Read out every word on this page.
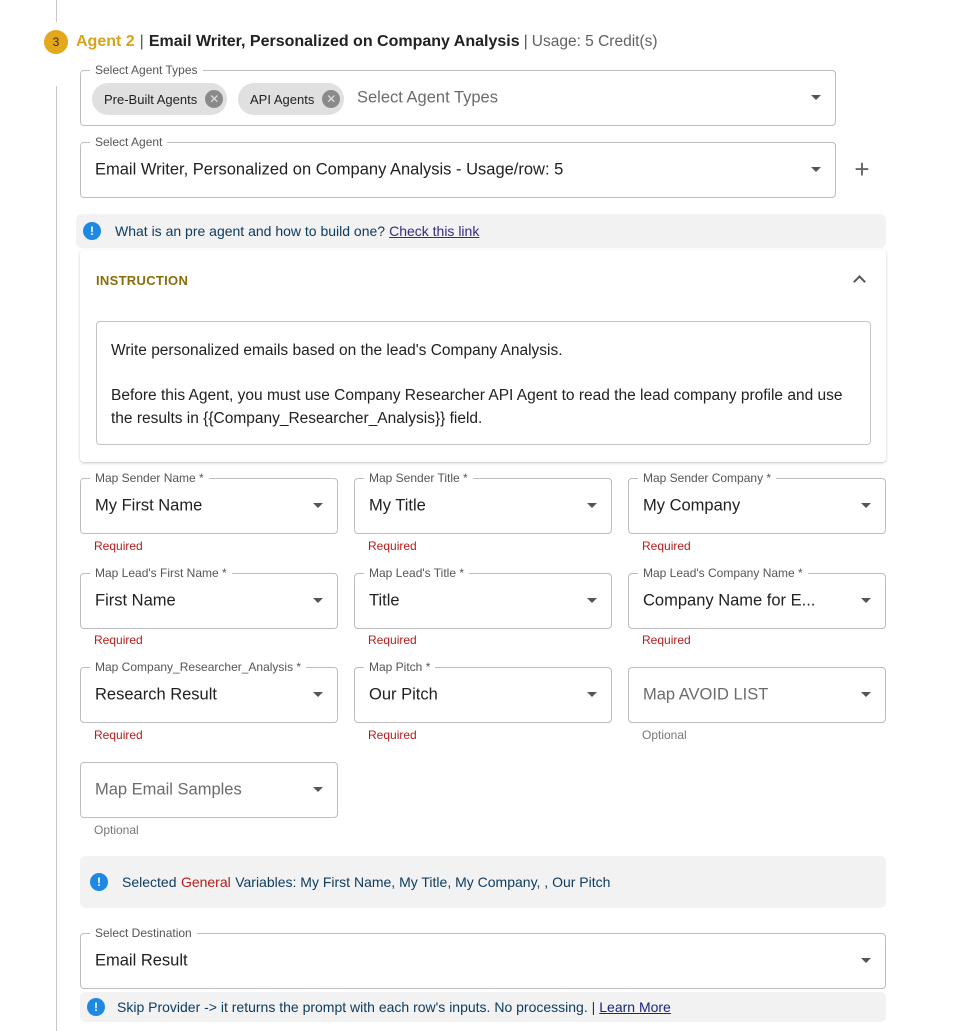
3	Agent 2 | Email Writer, Personalized on Company Analysis | Usage: 5 Credit(s)
Select Agent Types
Pre-Built Agents ✕	API Agents ✕ Select Agent Types
Select Agent
Email Writer, Personalized on Company Analysis - Usage/row: 5	+
!	What is an pre agent and how to build one? Check this link
INSTRUCTION

Write personalized emails based on the lead's Company Analysis.

Before this Agent, you must use Company Researcher API Agent to read the lead company profile and use the results in {{Company_Researcher_Analysis}} field.

Map Sender Name *
My First Name
Required
Map Sender Title *
My Title
Required
Map Sender Company *
My Company
Required
Map Lead's First Name *
First Name
Required
Map Lead's Title *
Title
Required
Map Lead's Company Name *
Company Name for E...
Required
Map Company_Researcher_Analysis *
Research Result
Required
Map Pitch *
Our Pitch
Required
Map AVOID LIST
Optional
Map Email Samples
Optional
!	Selected
General
Variables: My First Name, My Title, My Company, , Our Pitch
Select Destination
Email Result
!	Skip Provider -> it returns the prompt with each row's inputs. No processing. | Learn More
